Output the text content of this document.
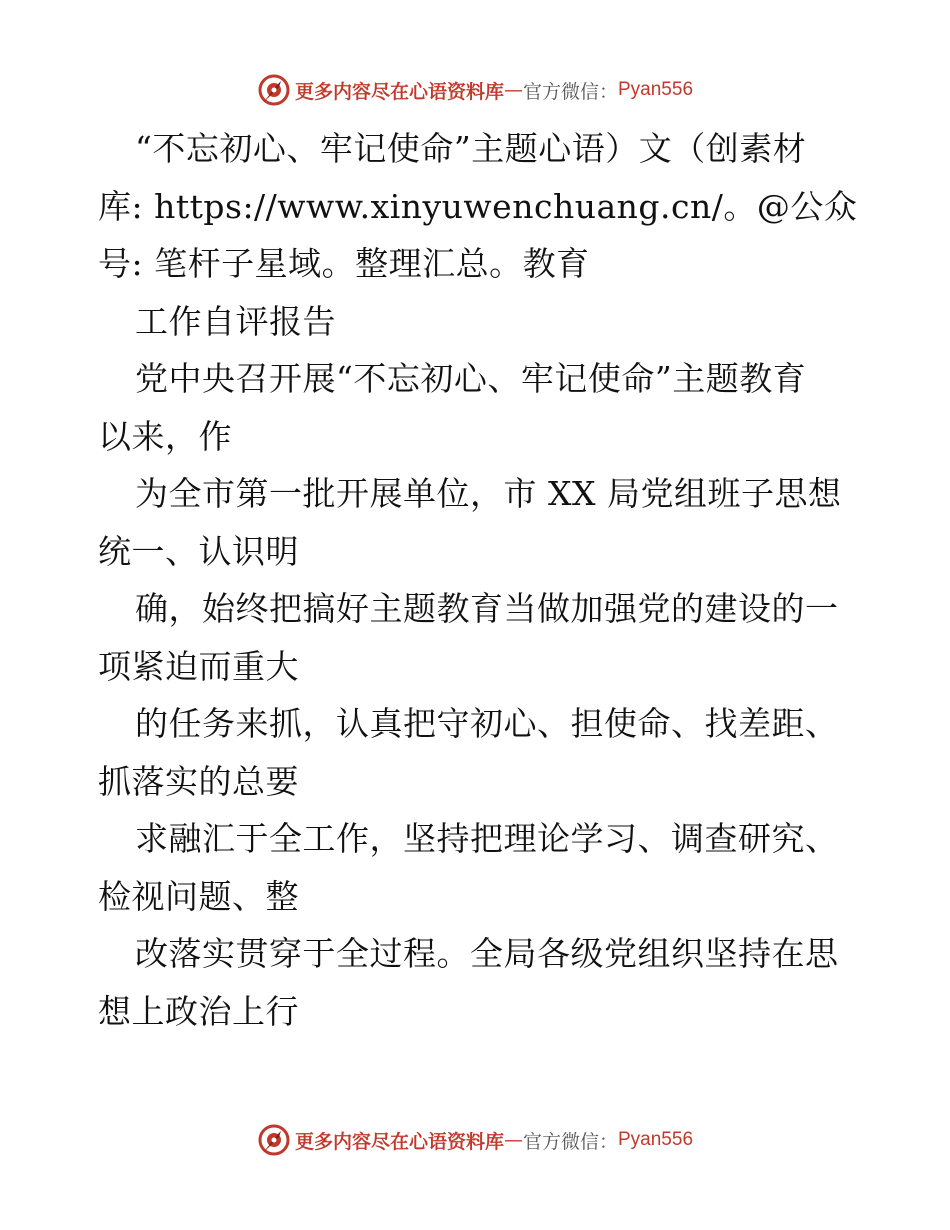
更多内容尽在心语资料库 — 官方微信： Pyan556
“不忘初心、牢记使命”主题心语）文（创素材
库: https://www.xinyuwenchuang.cn/。@公众
号: 笔杆子星域。整理汇总。教育
工作自评报告
党中央召开展“不忘初心、牢记使命”主题教育
以来，作
为全市第一批开展单位，市 XX 局党组班子思想
统一、认识明
确，始终把搞好主题教育当做加强党的建设的一
项紧迫而重大
的任务来抓，认真把守初心、担使命、找差距、
抓落实的总要
求融汇于全工作，坚持把理论学习、调查研究、
检视问题、整
改落实贯穿于全过程。全局各级党组织坚持在思
想上政治上行
更多内容尽在心语资料库 — 官方微信： Pyan556
